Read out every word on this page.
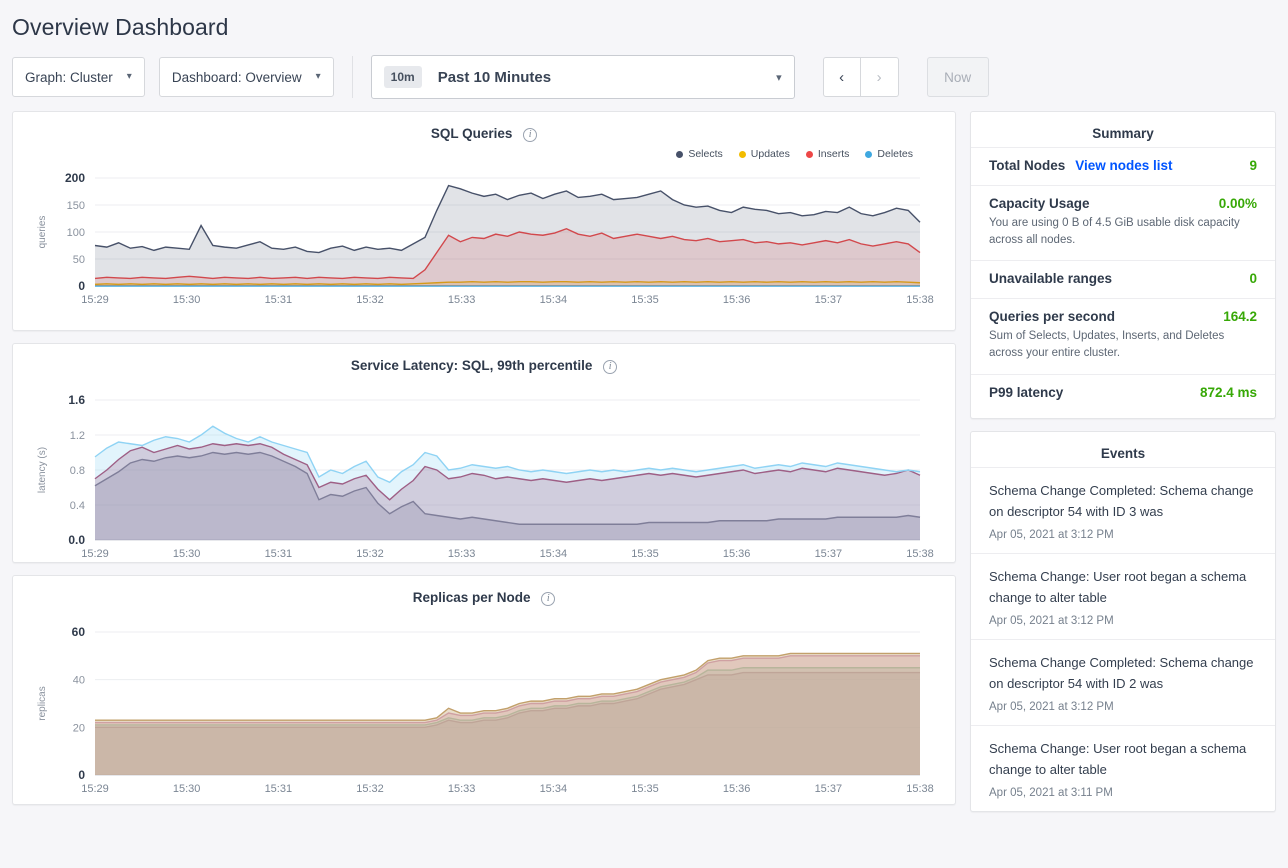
Overview Dashboard
Graph: Cluster ▾	Dashboard: Overview ▾	10m	Past 10 Minutes	▾	‹	›	Now
SQL Queries i
Selects	Updates	Inserts	Deletes
0
50
100
150
200
queries
15:29	15:30	15:31	15:32	15:33	15:34	15:35	15:36	15:37	15:38
Service Latency: SQL, 99th percentile i
0.0
0.4
0.8
1.2
1.6
latency (s)
15:29	15:30	15:31	15:32	15:33	15:34	15:35	15:36	15:37	15:38
Replicas per Node i
0
20
40
60
replicas
15:29	15:30	15:31	15:32	15:33	15:34	15:35	15:36	15:37	15:38
Summary
Total Nodes View nodes list	9
Capacity Usage	0.00%
You are using 0 B of 4.5 GiB usable disk capacity across all nodes.
Unavailable ranges	0
Queries per second	164.2
Sum of Selects, Updates, Inserts, and Deletes across your entire cluster.
P99 latency	872.4 ms
Events
Schema Change Completed: Schema change on descriptor 54 with ID 3 was
Apr 05, 2021 at 3:12 PM
Schema Change: User root began a schema change to alter table
Apr 05, 2021 at 3:12 PM
Schema Change Completed: Schema change on descriptor 54 with ID 2 was
Apr 05, 2021 at 3:12 PM
Schema Change: User root began a schema change to alter table
Apr 05, 2021 at 3:11 PM
